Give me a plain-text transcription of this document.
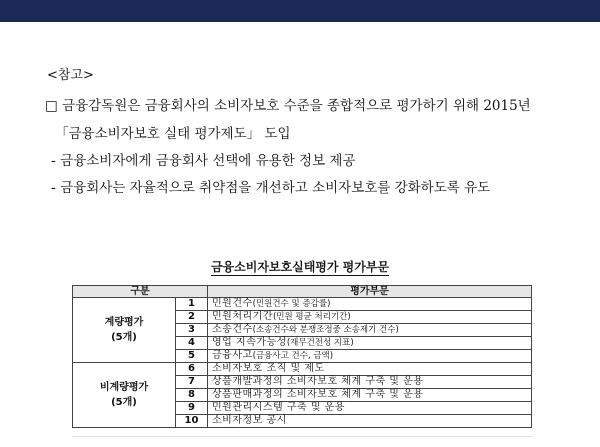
<참고>
□ 금융감독원은 금융회사의 소비자보호 수준을 종합적으로 평가하기 위해 2015년
「금융소비자보호 실태 평가제도」 도입
- 금융소비자에게 금융회사 선택에 유용한 정보 제공
- 금융회사는 자율적으로 취약점을 개선하고 소비자보호를 강화하도록 유도
금융소비자보호실태평가 평가부문
구분		평가부문

계량평가
(5개)	1	민원건수(민원건수 및 증감률)
	2	민원처리기간(민원 평균 처리기간)
	3	소송건수(소송건수와 분쟁조정중 소송제기 건수)
	4	영업 지속가능성(재무건전성 지표)
	5	금융사고(금융사고 건수, 금액)

비계량평가
(5개)	6	소비자보호 조직 및 제도
	7	상품개발과정의 소비자보호 체계 구축 및 운용
	8	상품판매과정의 소비자보호 체계 구축 및 운용
	9	민원관리시스템 구축 및 운용
	10	소비자정보 공시
